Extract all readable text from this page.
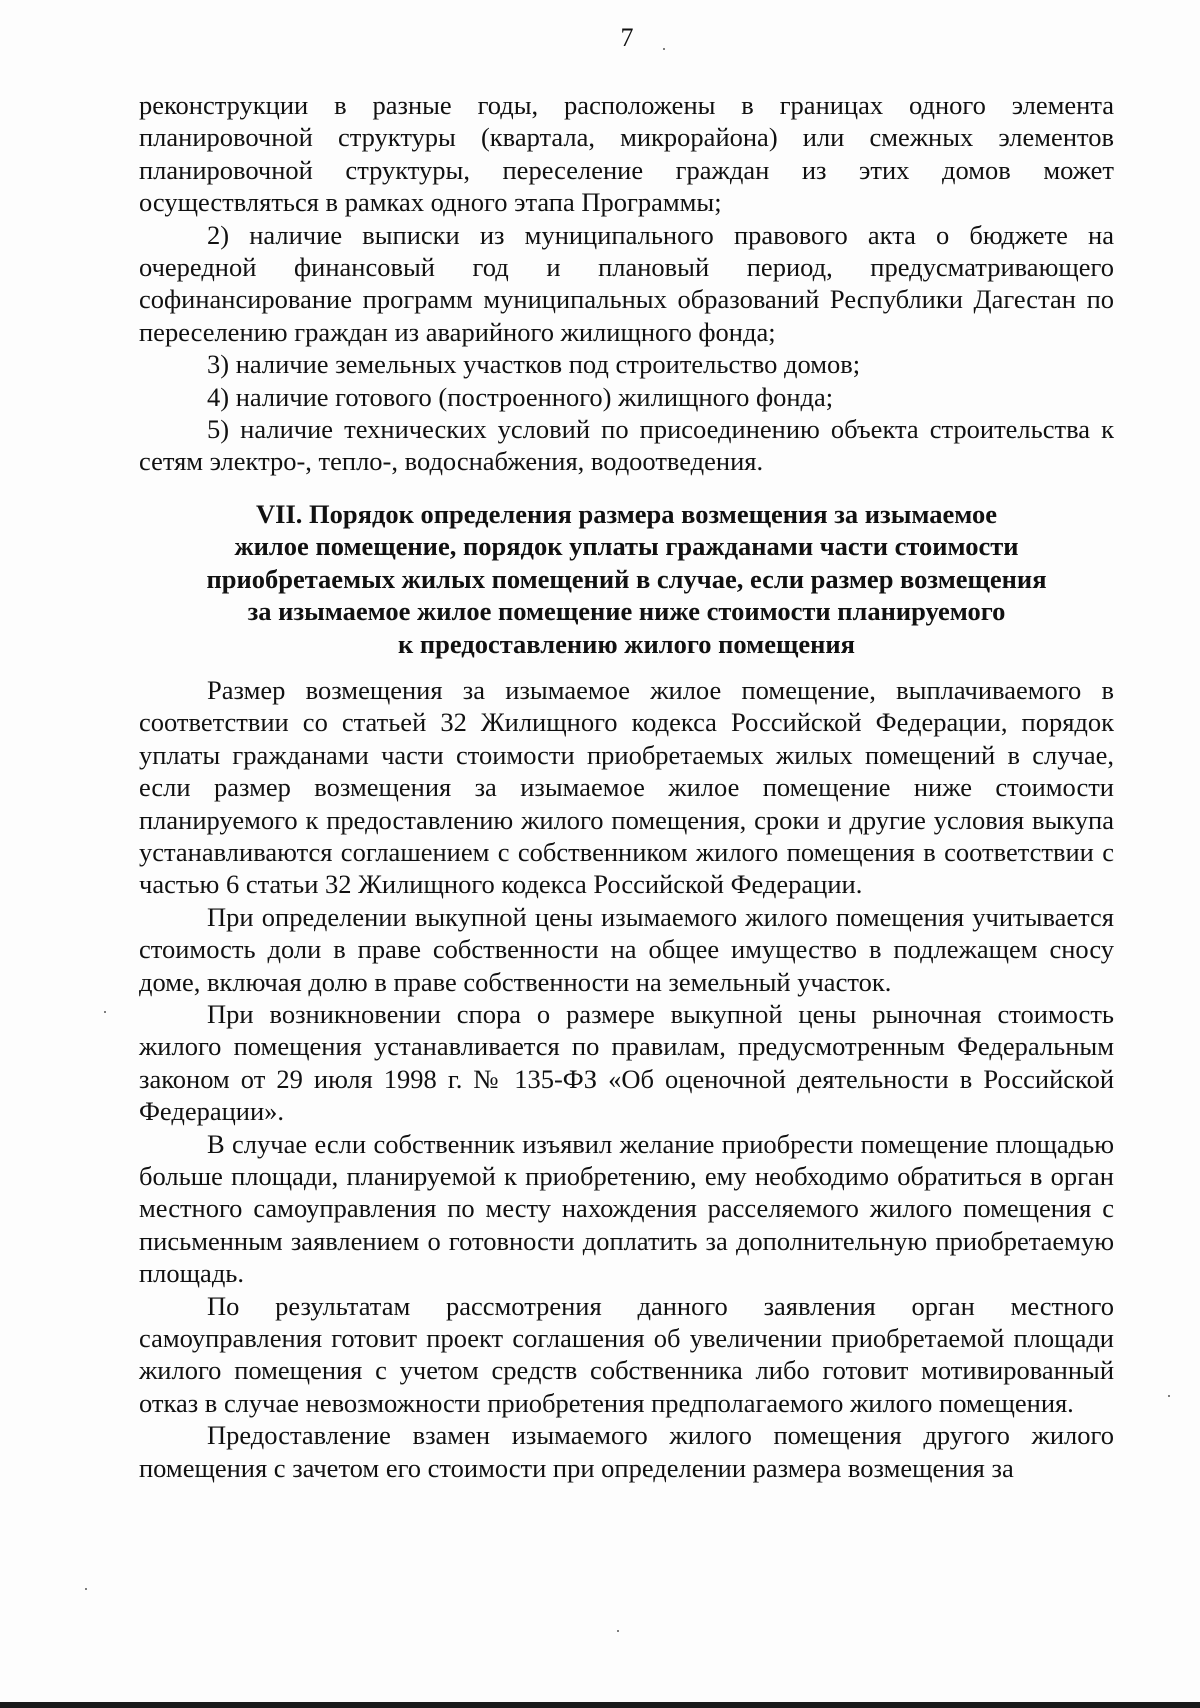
7

реконструкции в разные годы, расположены в границах одного элемента планировочной структуры (квартала, микрорайона) или смежных элементов планировочной структуры, переселение граждан из этих домов может осуществляться в рамках одного этапа Программы;

2) наличие выписки из муниципального правового акта о бюджете на очередной финансовый год и плановый период, предусматривающего софинансирование программ муниципальных образований Республики Дагестан по переселению граждан из аварийного жилищного фонда;

3) наличие земельных участков под строительство домов;

4) наличие готового (построенного) жилищного фонда;

5) наличие технических условий по присоединению объекта строительства к сетям электро-, тепло-, водоснабжения, водоотведения.

VII. Порядок определения размера возмещения за изымаемое
жилое помещение, порядок уплаты гражданами части стоимости
приобретаемых жилых помещений в случае, если размер возмещения
за изымаемое жилое помещение ниже стоимости планируемого
к предоставлению жилого помещения

Размер возмещения за изымаемое жилое помещение, выплачиваемого в соответствии со статьей 32 Жилищного кодекса Российской Федерации, порядок уплаты гражданами части стоимости приобретаемых жилых помещений в случае, если размер возмещения за изымаемое жилое помещение ниже стоимости планируемого к предоставлению жилого помещения, сроки и другие условия выкупа устанавливаются соглашением с собственником жилого помещения в соответствии с частью 6 статьи 32 Жилищного кодекса Российской Федерации.

При определении выкупной цены изымаемого жилого помещения учитывается стоимость доли в праве собственности на общее имущество в подлежащем сносу доме, включая долю в праве собственности на земельный участок.

При возникновении спора о размере выкупной цены рыночная стоимость жилого помещения устанавливается по правилам, предусмотренным Федеральным законом от 29 июля 1998 г. № 135-ФЗ «Об оценочной деятельности в Российской Федерации».

В случае если собственник изъявил желание приобрести помещение площадью больше площади, планируемой к приобретению, ему необходимо обратиться в орган местного самоуправления по месту нахождения расселяемого жилого помещения с письменным заявлением о готовности доплатить за дополнительную приобретаемую площадь.

По результатам рассмотрения данного заявления орган местного самоуправления готовит проект соглашения об увеличении приобретаемой площади жилого помещения с учетом средств собственника либо готовит мотивированный отказ в случае невозможности приобретения предполагаемого жилого помещения.

Предоставление взамен изымаемого жилого помещения другого жилого помещения с зачетом его стоимости при определении размера возмещения за
